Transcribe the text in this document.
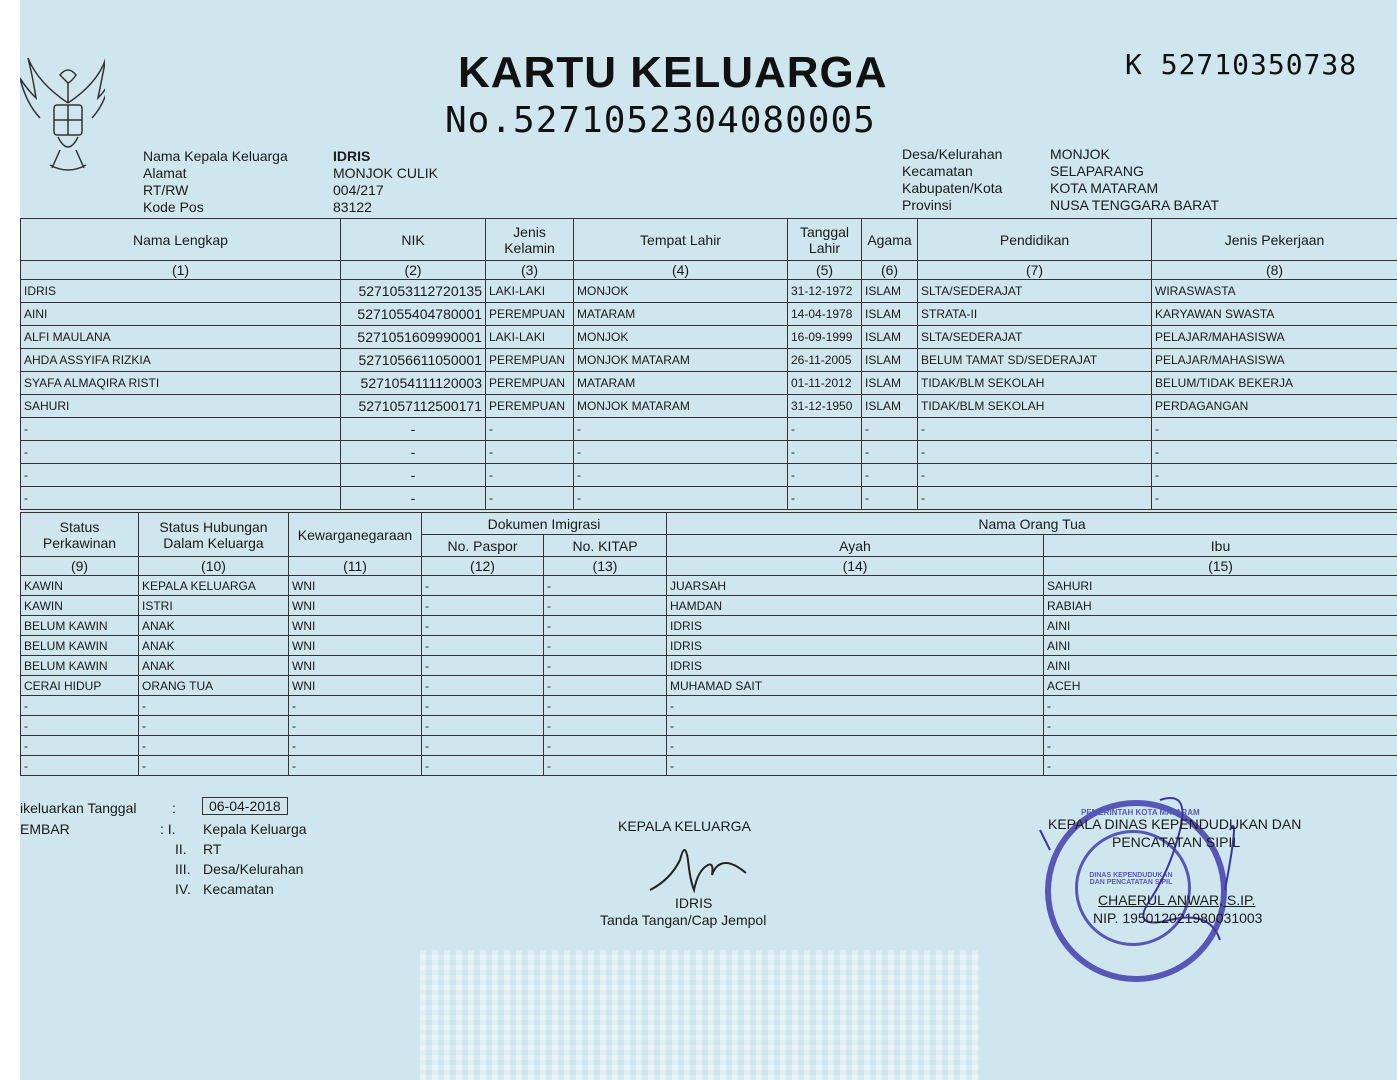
KARTU KELUARGA
No.5271052304080005
K 52710350738
Nama Kepala Keluarga	IDRIS
Alamat	MONJOK CULIK
RT/RW	004/217
Kode Pos	83122
Desa/Kelurahan	MONJOK
Kecamatan	SELAPARANG
Kabupaten/Kota	KOTA MATARAM
Provinsi	NUSA TENGGARA BARAT
Nama Lengkap	NIK	Jenis Kelamin	Tempat Lahir	Tanggal Lahir	Agama	Pendidikan	Jenis Pekerjaan
(1)	(2)	(3)	(4)	(5)	(6)	(7)	(8)
IDRIS	5271053112720135	LAKI-LAKI	MONJOK	31-12-1972	ISLAM	SLTA/SEDERAJAT	WIRASWASTA
AINI	5271055404780001	PEREMPUAN	MATARAM	14-04-1978	ISLAM	STRATA-II	KARYAWAN SWASTA
ALFI MAULANA	5271051609990001	LAKI-LAKI	MONJOK	16-09-1999	ISLAM	SLTA/SEDERAJAT	PELAJAR/MAHASISWA
AHDA ASSYIFA RIZKIA	5271056611050001	PEREMPUAN	MONJOK MATARAM	26-11-2005	ISLAM	BELUM TAMAT SD/SEDERAJAT	PELAJAR/MAHASISWA
SYAFA ALMAQIRA RISTI	5271054111120003	PEREMPUAN	MATARAM	01-11-2012	ISLAM	TIDAK/BLM SEKOLAH	BELUM/TIDAK BEKERJA
SAHURI	5271057112500171	PEREMPUAN	MONJOK MATARAM	31-12-1950	ISLAM	TIDAK/BLM SEKOLAH	PERDAGANGAN
-	-	-	-	-	-	-	-
-	-	-	-	-	-	-	-
-	-	-	-	-	-	-	-
-	-	-	-	-	-	-	-
Status Perkawinan	Status Hubungan Dalam Keluarga	Kewarganegaraan	Dokumen Imigrasi		Nama Orang Tua	
			No. Paspor	No. KITAP	Ayah	Ibu
(9)	(10)	(11)	(12)	(13)	(14)	(15)
KAWIN	KEPALA KELUARGA	WNI	-	-	JUARSAH	SAHURI
KAWIN	ISTRI	WNI	-	-	HAMDAN	RABIAH
BELUM KAWIN	ANAK	WNI	-	-	IDRIS	AINI
BELUM KAWIN	ANAK	WNI	-	-	IDRIS	AINI
BELUM KAWIN	ANAK	WNI	-	-	IDRIS	AINI
CERAI HIDUP	ORANG TUA	WNI	-	-	MUHAMAD SAIT	ACEH
-	-	-	-	-	-	-
-	-	-	-	-	-	-
-	-	-	-	-	-	-
-	-	-	-	-	-	-
ikeluarkan Tanggal	:	06-04-2018
EMBAR	: I. Kepala Keluarga
II. RT
III. Desa/Kelurahan
IV. Kecamatan
KEPALA KELUARGA
IDRIS
Tanda Tangan/Cap Jempol
PEMERINTAH KOTA MATARAM
DINAS KEPENDUDUKAN DAN PENCATATAN SIPIL
KEPALA DINAS KEPENDUDUKAN DAN
PENCATATAN SIPIL
CHAERUL ANWAR, S.IP.
NIP. 195012021980031003
